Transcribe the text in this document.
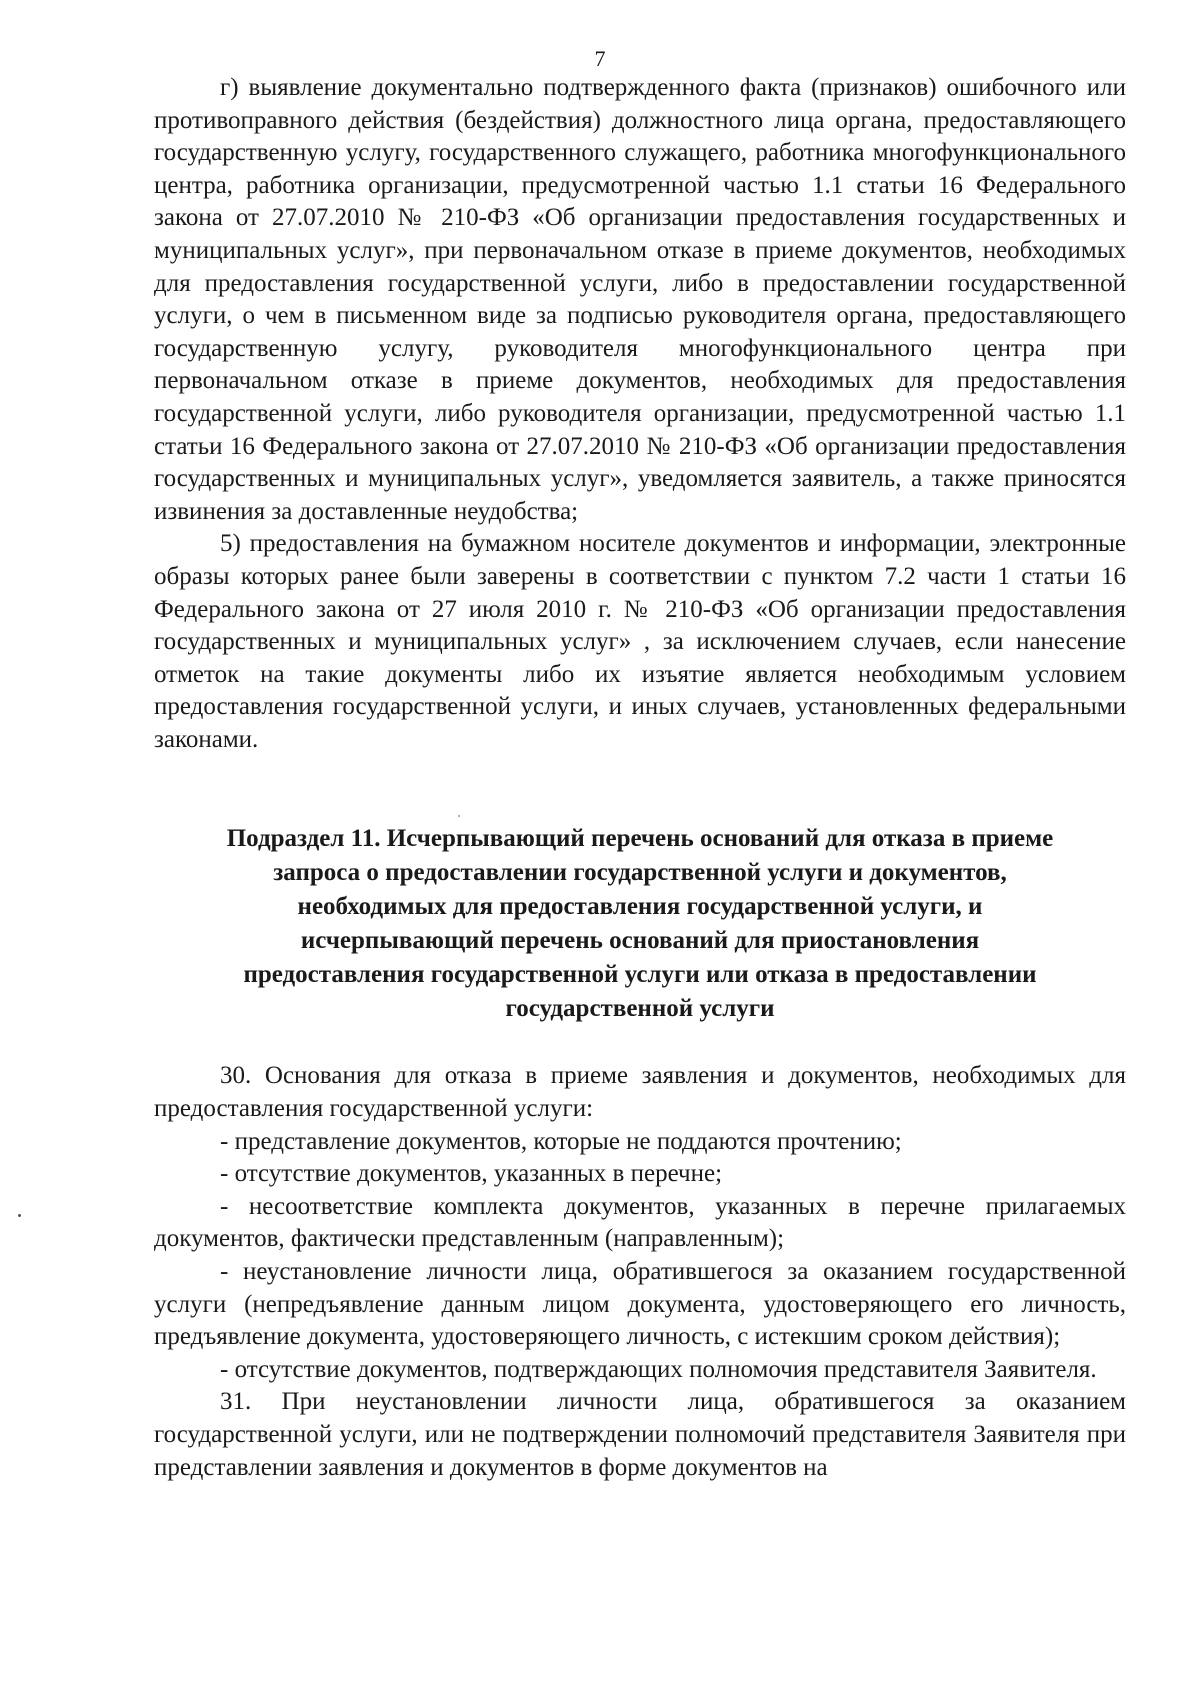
7

г) выявление документально подтвержденного факта (признаков) ошибочного или противоправного действия (бездействия) должностного лица органа, предоставляющего государственную услугу, государственного служащего, работника многофункционального центра, работника организации, предусмотренной частью 1.1 статьи 16 Федерального закона от 27.07.2010 № 210-ФЗ «Об организации предоставления государственных и муниципальных услуг», при первоначальном отказе в приеме документов, необходимых для предоставления государственной услуги, либо в предоставлении государственной услуги, о чем в письменном виде за подписью руководителя органа, предоставляющего государственную услугу, руководителя многофункционального центра при первоначальном отказе в приеме документов, необходимых для предоставления государственной услуги, либо руководителя организации, предусмотренной частью 1.1 статьи 16 Федерального закона от 27.07.2010 № 210-ФЗ «Об организации предоставления государственных и муниципальных услуг», уведомляется заявитель, а также приносятся извинения за доставленные неудобства;

5) предоставления на бумажном носителе документов и информации, электронные образы которых ранее были заверены в соответствии с пунктом 7.2 части 1 статьи 16 Федерального закона от 27 июля 2010 г. № 210-ФЗ «Об организации предоставления государственных и муниципальных услуг» , за исключением случаев, если нанесение отметок на такие документы либо их изъятие является необходимым условием предоставления государственной услуги, и иных случаев, установленных федеральными законами.

Подраздел 11. Исчерпывающий перечень оснований для отказа в приеме
запроса о предоставлении государственной услуги и документов,
необходимых для предоставления государственной услуги, и
исчерпывающий перечень оснований для приостановления
предоставления государственной услуги или отказа в предоставлении
государственной услуги

30. Основания для отказа в приеме заявления и документов, необходимых для предоставления государственной услуги:

- представление документов, которые не поддаются прочтению;

- отсутствие документов, указанных в перечне;

- несоответствие комплекта документов, указанных в перечне прилагаемых документов, фактически представленным (направленным);

- неустановление личности лица, обратившегося за оказанием государственной услуги (непредъявление данным лицом документа, удостоверяющего его личность, предъявление документа, удостоверяющего личность, с истекшим сроком действия);

- отсутствие документов, подтверждающих полномочия представителя Заявителя.

31. При неустановлении личности лица, обратившегося за оказанием государственной услуги, или не подтверждении полномочий представителя Заявителя при представлении заявления и документов в форме документов на
